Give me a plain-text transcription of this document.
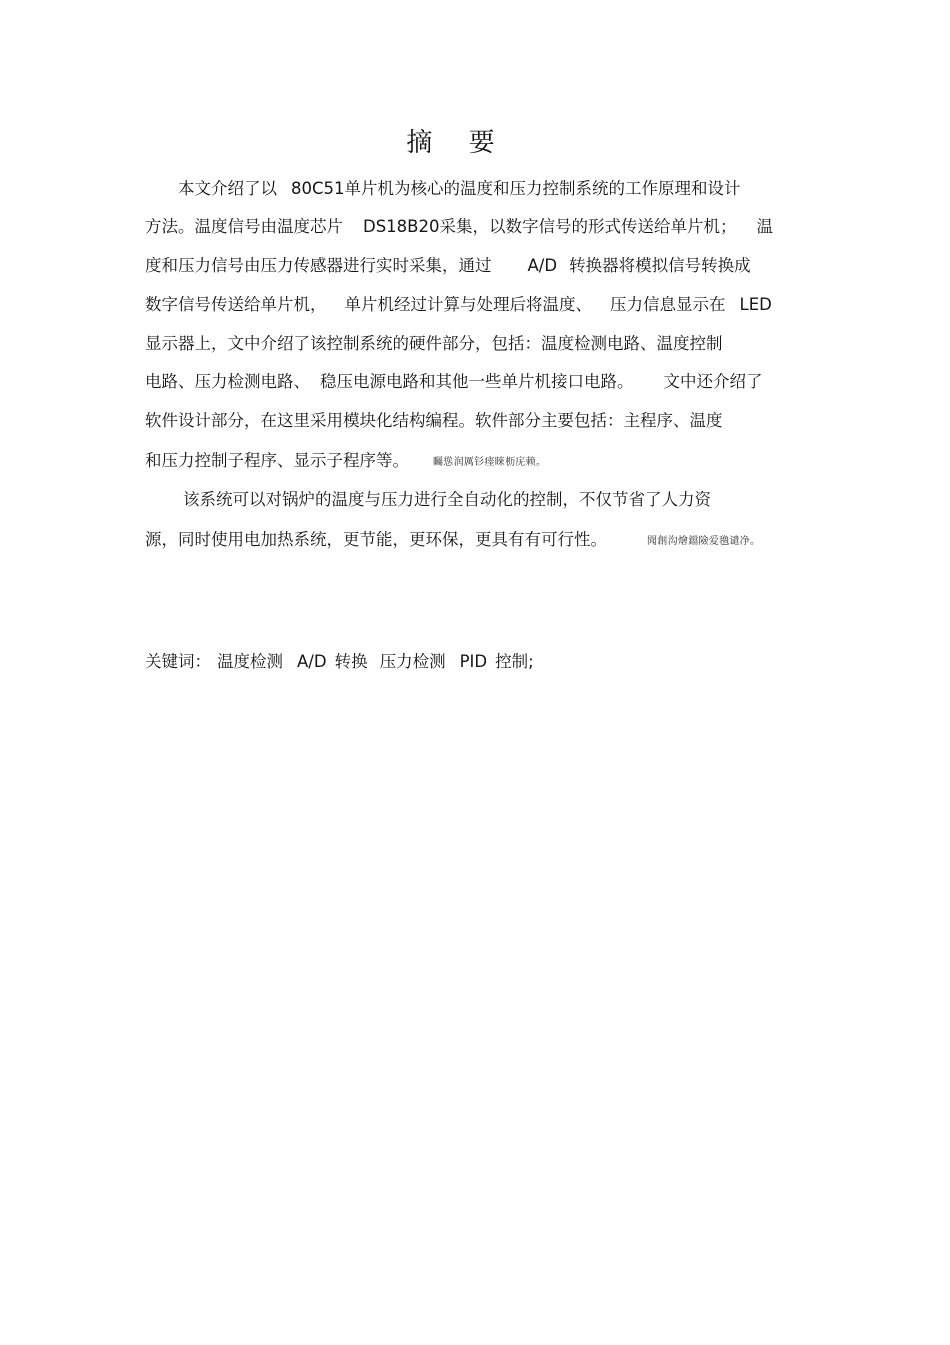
摘 要
本文介绍了以 80C51单片机为核心的温度和压力控制系统的工作原理和设计
方法。温度信号由温度芯片 DS18B20采集，以数字信号的形式传送给单片机； 温
度和压力信号由压力传感器进行实时采集，通过 A/D 转换器将模拟信号转换成
数字信号传送给单片机， 单片机经过计算与处理后将温度、 压力信息显示在 LED
显示器上，文中介绍了该控制系统的硬件部分，包括：温度检测电路、温度控制
电路、压力检测电路、 稳压电源电路和其他一些单片机接口电路。 文中还介绍了
软件设计部分，在这里采用模块化结构编程。软件部分主要包括：主程序、温度
和压力控制子程序、显示子程序等。 矚慫润厲钐瘗睞枥庑赖。
该系统可以对锅炉的温度与压力进行全自动化的控制，不仅节省了人力资
源，同时使用电加热系统，更节能，更环保，更具有有可行性。	聞創沟燴鐺險爱氇谴净。
关键词： 温度检测 A/D 转换 压力检测 PID 控制;
